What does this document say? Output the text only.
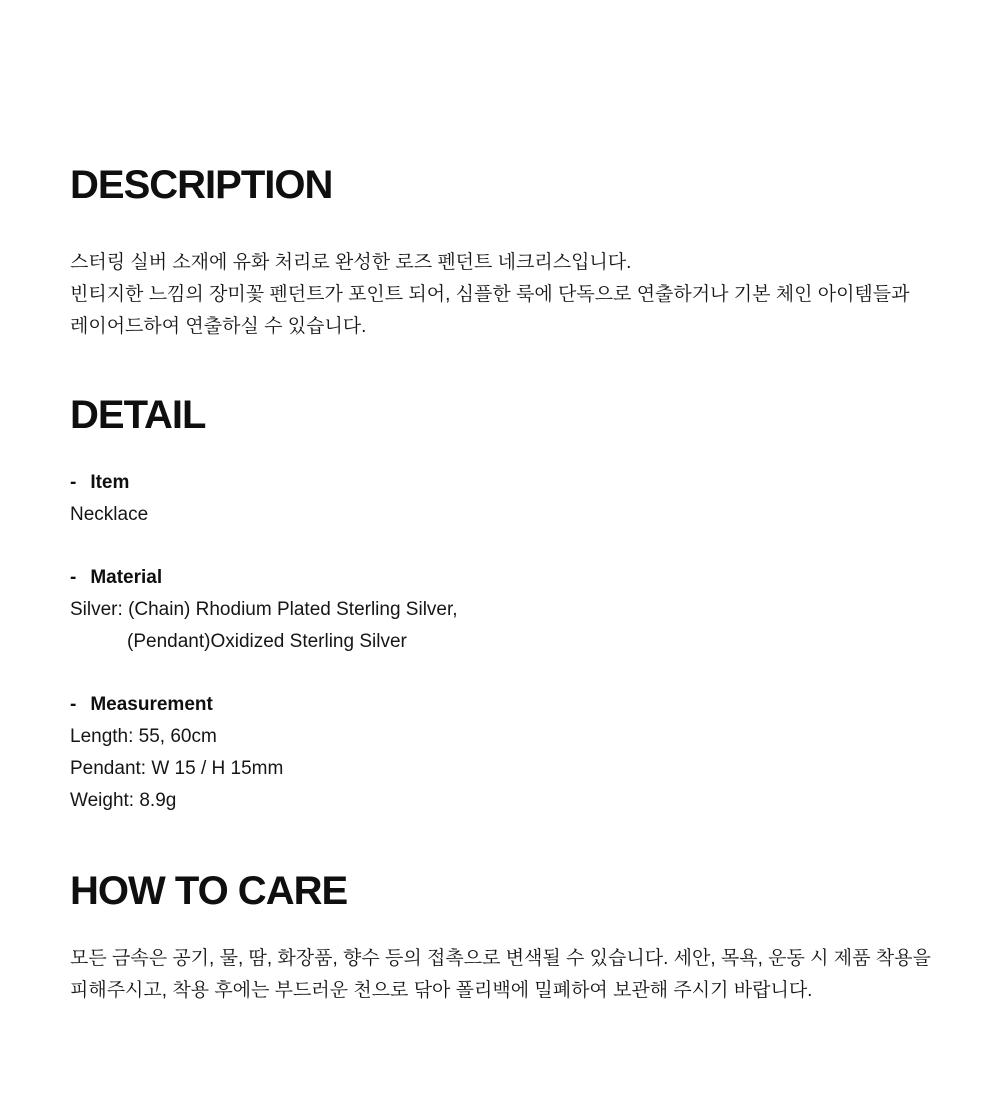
DESCRIPTION
스터링 실버 소재에 유화 처리로 완성한 로즈 펜던트 네크리스입니다.
빈티지한 느낌의 장미꽃 펜던트가 포인트 되어, 심플한 룩에 단독으로 연출하거나 기본 체인 아이템들과
레이어드하여 연출하실 수 있습니다.
DETAIL
- Item
Necklace
- Material
Silver: (Chain) Rhodium Plated Sterling Silver,
(Pendant)Oxidized Sterling Silver
- Measurement
Length: 55, 60cm
Pendant: W 15 / H 15mm
Weight: 8.9g
HOW TO CARE
모든 금속은 공기, 물, 땀, 화장품, 향수 등의 접촉으로 변색될 수 있습니다. 세안, 목욕, 운동 시 제품 착용을
피해주시고, 착용 후에는 부드러운 천으로 닦아 폴리백에 밀폐하여 보관해 주시기 바랍니다.
